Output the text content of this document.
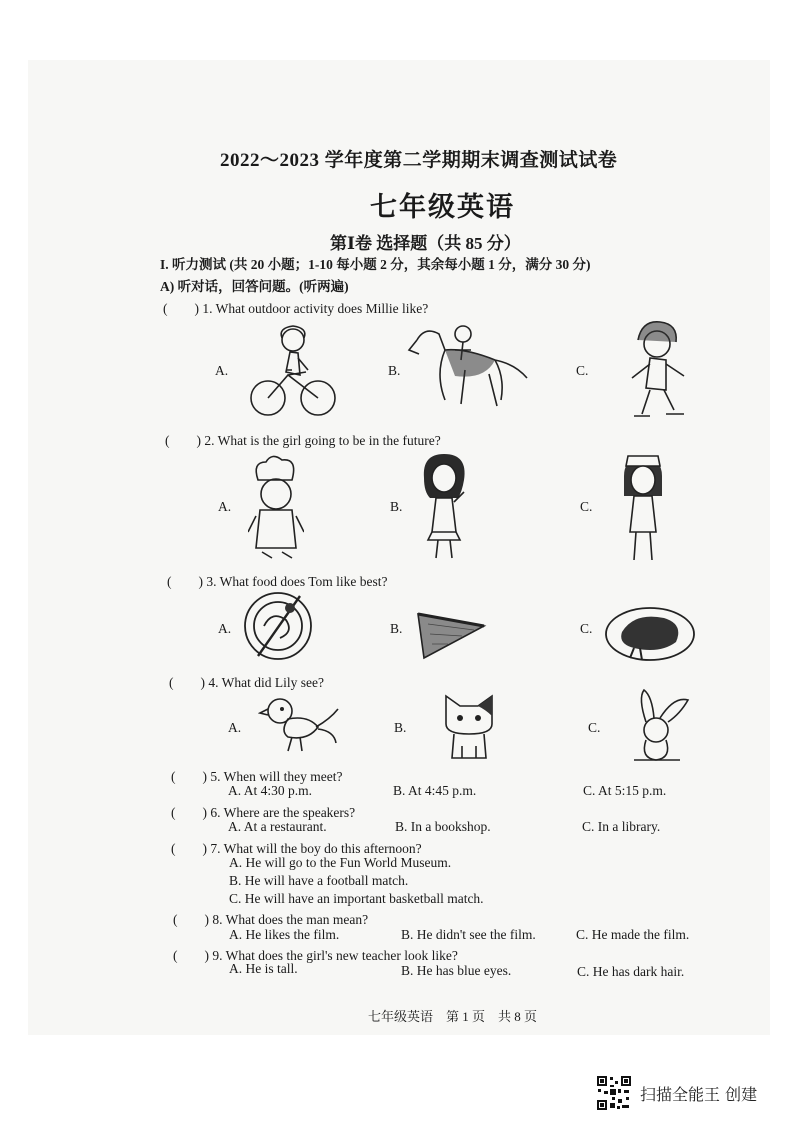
2022～2023 学年度第二学期期末调查测试试卷
七年级英语
第Ⅰ卷 选择题（共 85 分）
I. 听力测试 (共 20 小题；1-10 每小题 2 分，其余每小题 1 分，满分 30 分)
A) 听对话，回答问题。(听两遍)
(　　) 1. What outdoor activity does Millie like?
A.	B.	C.
(　　) 2. What is the girl going to be in the future?
A.	B.	C.
(　　) 3. What food does Tom like best?
A.	B.	C.
(　　) 4. What did Lily see?
A.	B.	C.
(　　) 5. When will they meet?
A. At 4:30 p.m.	B. At 4:45 p.m.	C. At 5:15 p.m.
(　　) 6. Where are the speakers?
A. At a restaurant.	B. In a bookshop.	C. In a library.
(　　) 7. What will the boy do this afternoon?
A. He will go to the Fun World Museum.
B. He will have a football match.
C. He will have an important basketball match.
(　　) 8. What does the man mean?
A. He likes the film.	B. He didn't see the film.	C. He made the film.
(　　) 9. What does the girl's new teacher look like?
A. He is tall.	B. He has blue eyes.	C. He has dark hair.
七年级英语　第 1 页　共 8 页
扫描全能王 创建
